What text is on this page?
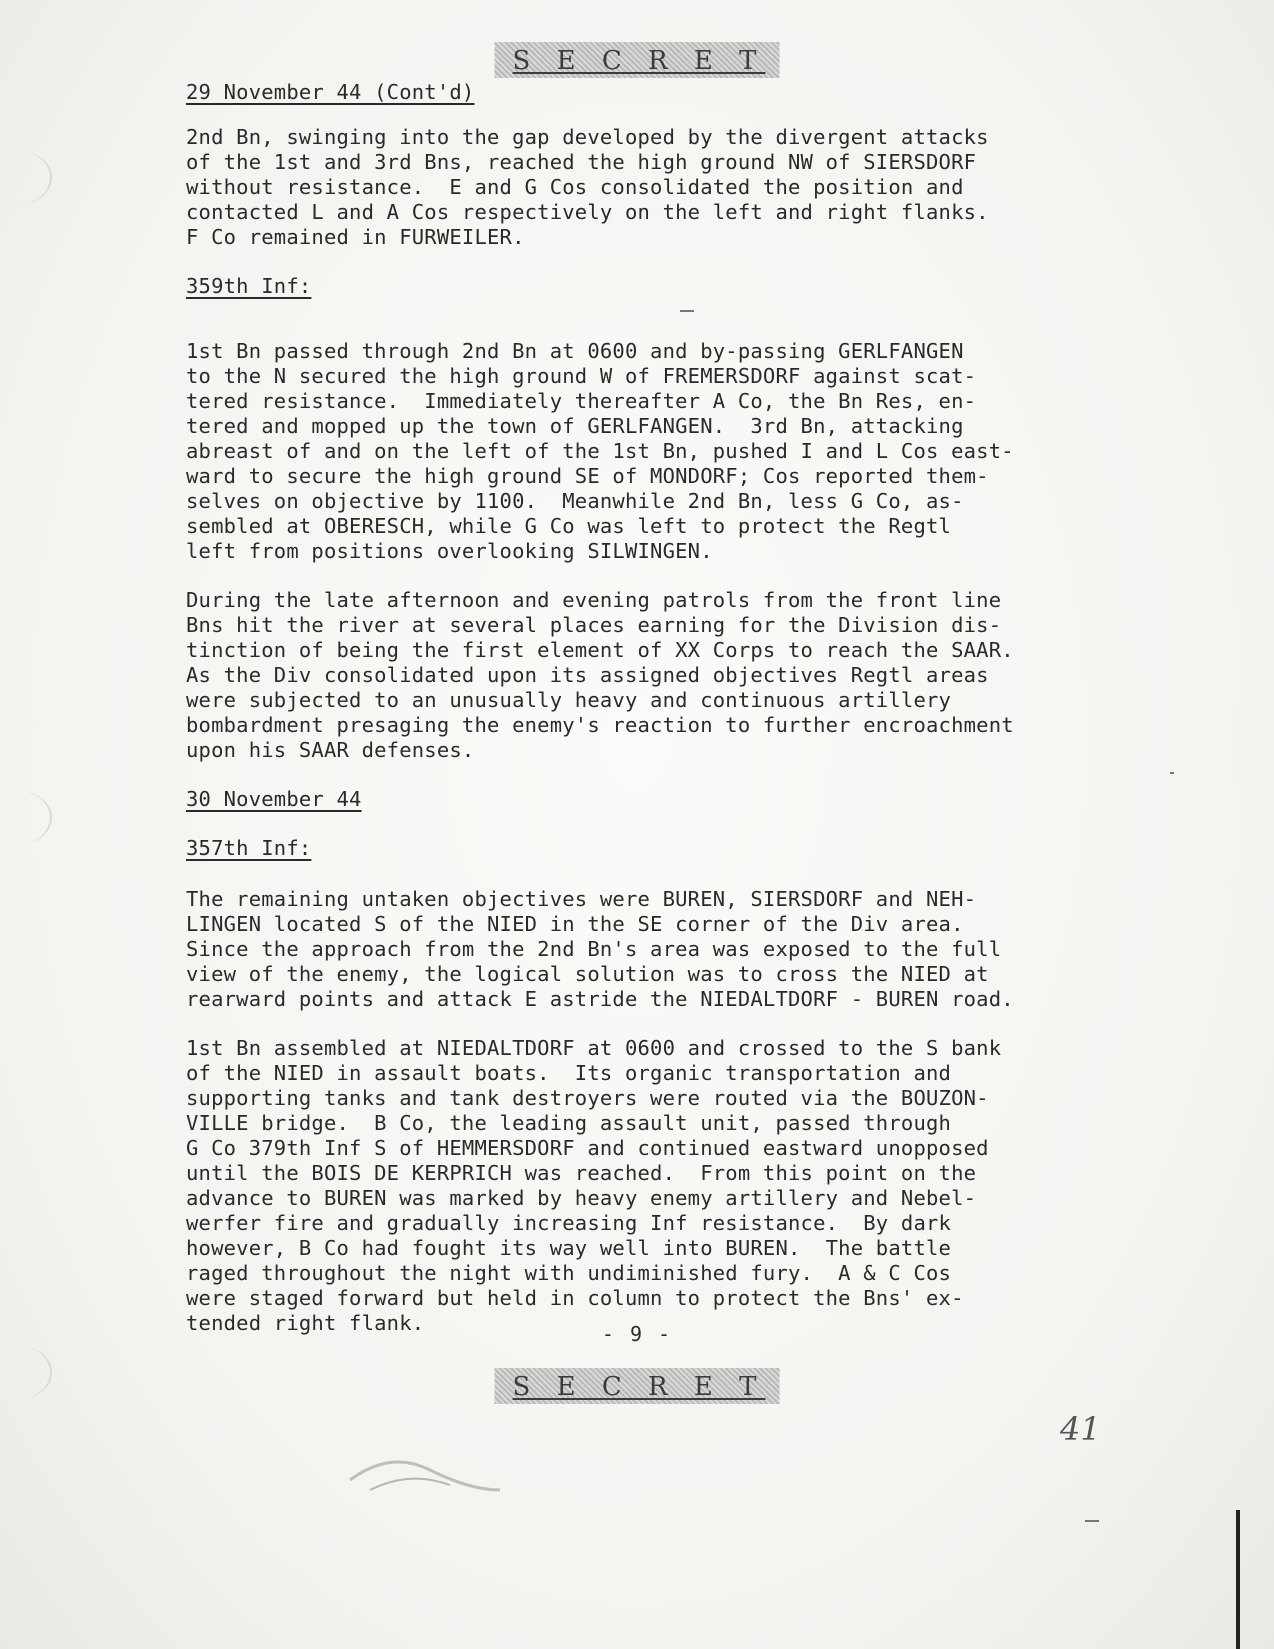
S E C R E T
29 November 44 (Cont'd)

2nd Bn, swinging into the gap developed by the divergent attacks
of the 1st and 3rd Bns, reached the high ground NW of SIERSDORF
without resistance.  E and G Cos consolidated the position and
contacted L and A Cos respectively on the left and right flanks.
F Co remained in FURWEILER.

359th Inf:

1st Bn passed through 2nd Bn at 0600 and by-passing GERLFANGEN
to the N secured the high ground W of FREMERSDORF against scat-
tered resistance.  Immediately thereafter A Co, the Bn Res, en-
tered and mopped up the town of GERLFANGEN.  3rd Bn, attacking
abreast of and on the left of the 1st Bn, pushed I and L Cos east-
ward to secure the high ground SE of MONDORF; Cos reported them-
selves on objective by 1100.  Meanwhile 2nd Bn, less G Co, as-
sembled at OBERESCH, while G Co was left to protect the Regtl
left from positions overlooking SILWINGEN.

During the late afternoon and evening patrols from the front line
Bns hit the river at several places earning for the Division dis-
tinction of being the first element of XX Corps to reach the SAAR.
As the Div consolidated upon its assigned objectives Regtl areas
were subjected to an unusually heavy and continuous artillery
bombardment presaging the enemy's reaction to further encroachment
upon his SAAR defenses.

30 November 44
357th Inf:

The remaining untaken objectives were BUREN, SIERSDORF and NEH-
LINGEN located S of the NIED in the SE corner of the Div area.
Since the approach from the 2nd Bn's area was exposed to the full
view of the enemy, the logical solution was to cross the NIED at
rearward points and attack E astride the NIEDALTDORF - BUREN road.

1st Bn assembled at NIEDALTDORF at 0600 and crossed to the S bank
of the NIED in assault boats.  Its organic transportation and
supporting tanks and tank destroyers were routed via the BOUZON-
VILLE bridge.  B Co, the leading assault unit, passed through
G Co 379th Inf S of HEMMERSDORF and continued eastward unopposed
until the BOIS DE KERPRICH was reached.  From this point on the
advance to BUREN was marked by heavy enemy artillery and Nebel-
werfer fire and gradually increasing Inf resistance.  By dark
however, B Co had fought its way well into BUREN.  The battle
raged throughout the night with undiminished fury.  A & C Cos
were staged forward but held in column to protect the Bns' ex-
tended right flank.	- 9 -
S E C R E T
41
